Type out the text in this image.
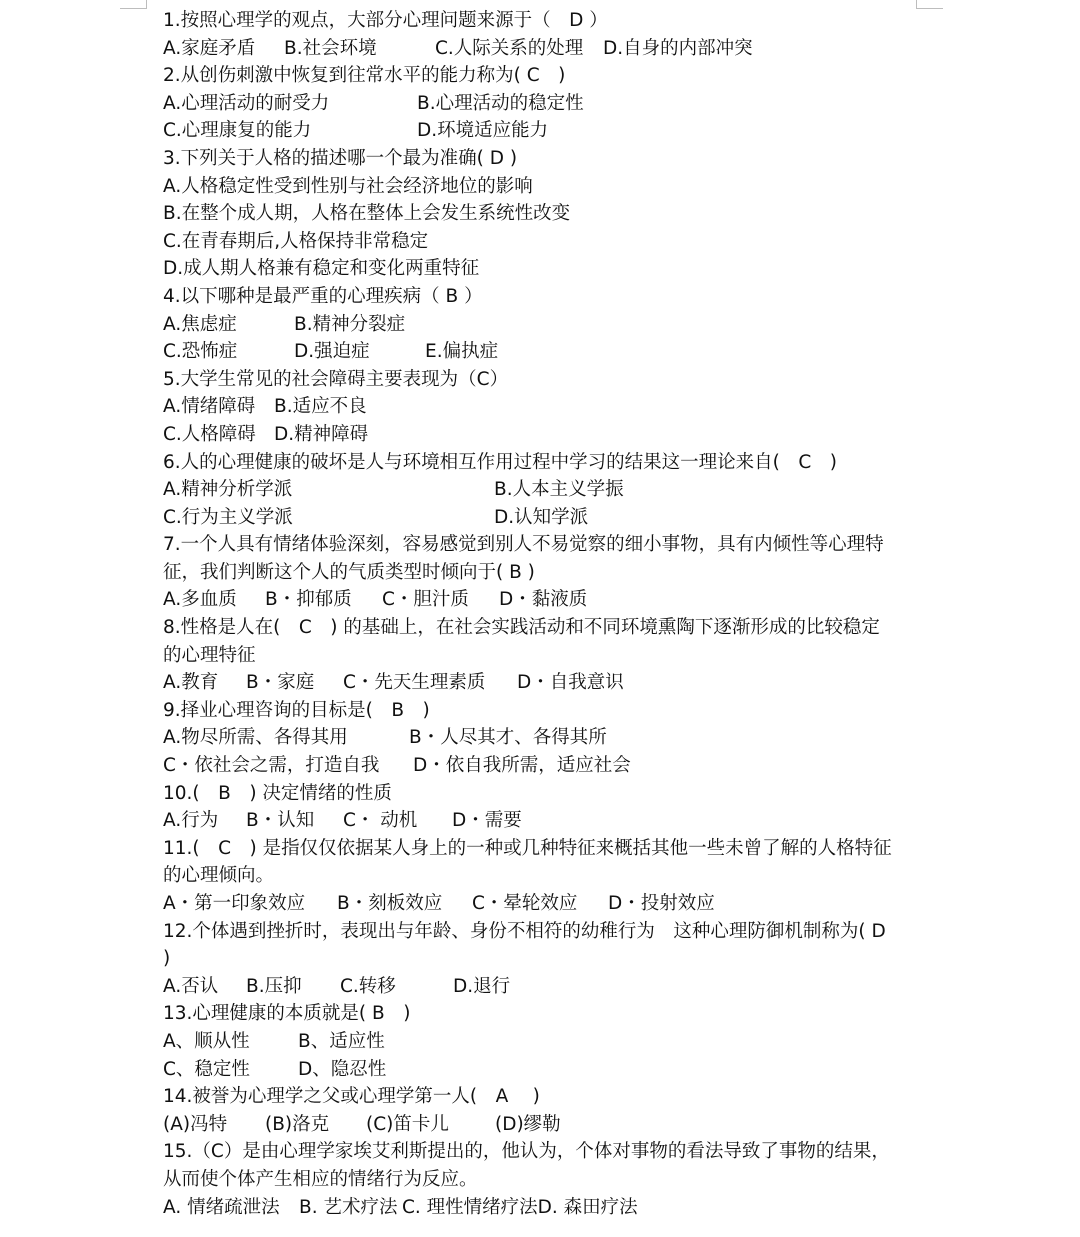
1.按照心理学的观点，大部分心理问题来源于（　D ）
A.家庭矛盾 B.社会环境	C.人际关系的处理 D.自身的内部冲突
2.从创伤刺激中恢复到往常水平的能力称为( C　)
A.心理活动的耐受力	B.心理活动的稳定性
C.心理康复的能力	D.环境适应能力
3.下列关于人格的描述哪一个最为准确( D )
A.人格稳定性受到性别与社会经济地位的影响
B.在整个成人期，人格在整体上会发生系统性改变
C.在青春期后,人格保持非常稳定
D.成人期人格兼有稳定和变化两重特征
4.以下哪种是最严重的心理疾病（ B ）
A.焦虑症	B.精神分裂症
C.恐怖症	D.强迫症	E.偏执症
5.大学生常见的社会障碍主要表现为（C）
A.情绪障碍 B.适应不良
C.人格障碍 D.精神障碍
6.人的心理健康的破坏是人与环境相互作用过程中学习的结果这一理论来自(　C　)
A.精神分析学派	B.人本主义学振
C.行为主义学派	D.认知学派
7.一个人具有情绪体验深刻，容易感觉到别人不易觉察的细小事物，具有内倾性等心理特
征，我们判断这个人的气质类型时倾向于( B )
A.多血质 B・抑郁质 C・胆汁质 D・黏液质
8.性格是人在(　C　) 的基础上，在社会实践活动和不同环境熏陶下逐渐形成的比较稳定
的心理特征
A.教育 B・家庭 C・先天生理素质 D・自我意识
9.择业心理咨询的目标是(　B　)
A.物尽所需、各得其用	B・人尽其才、各得其所
C・依社会之需，打造自我 D・依自我所需，适应社会
10.(　B　) 决定情绪的性质
A.行为 B・认知 C・ 动机 D・需要
11.(　C　) 是指仅仅依据某人身上的一种或几种特征来概括其他一些未曾了解的人格特征
的心理倾向。
A・第一印象效应 B・刻板效应 C・晕轮效应 D・投射效应
12.个体遇到挫折时，表现出与年龄、身份不相符的幼稚行为　这种心理防御机制称为( D
)
A.否认 B.压抑 C.转移	D.退行
13.心理健康的本质就是( B　)
A、顺从性	B、适应性
C、稳定性	D、隐忍性
14.被誉为心理学之父或心理学第一人(　A　 )
(A)冯特 (B)洛克 (C)笛卡儿 (D)缪勒
15.（C）是由心理学家埃艾利斯提出的，他认为，个体对事物的看法导致了事物的结果，
从而使个体产生相应的情绪行为反应。
A. 情绪疏泄法 B. 艺术疗法 C. 理性情绪疗法D. 森田疗法
